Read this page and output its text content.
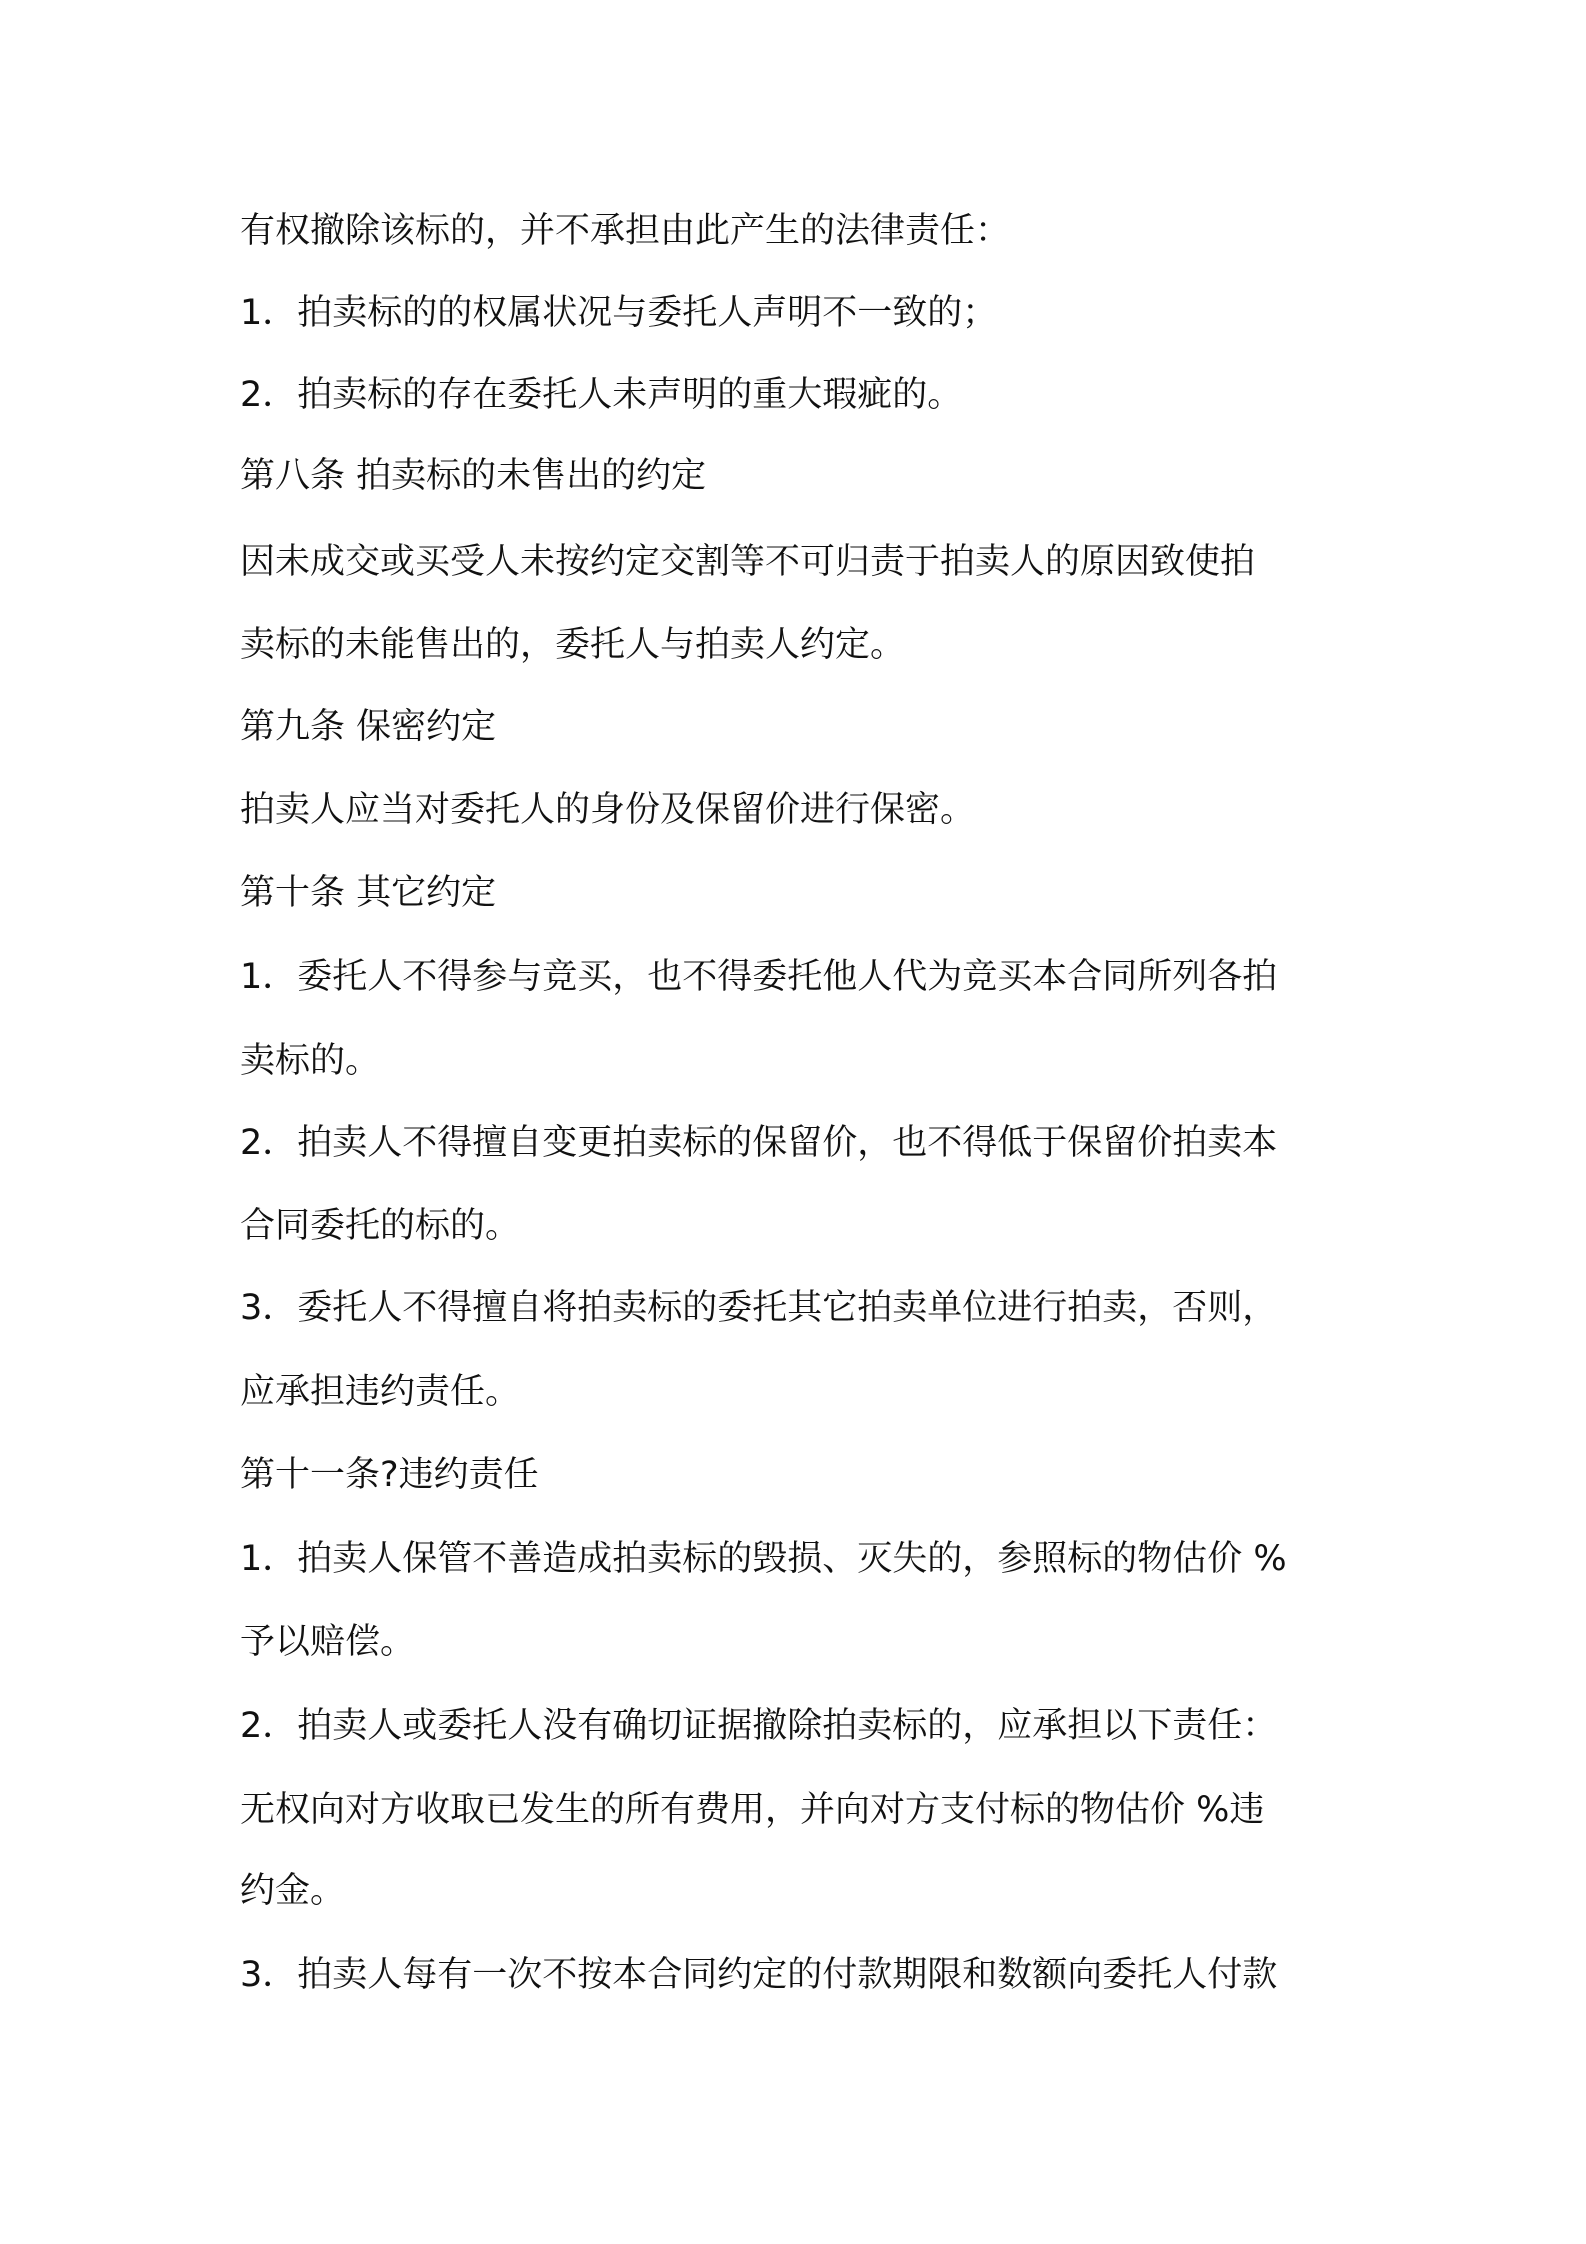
有权撤除该标的，并不承担由此产生的法律责任：

1．拍卖标的的权属状况与委托人声明不一致的；

2．拍卖标的存在委托人未声明的重大瑕疵的。

第八条 拍卖标的未售出的约定

因未成交或买受人未按约定交割等不可归责于拍卖人的原因致使拍

卖标的未能售出的，委托人与拍卖人约定。

第九条 保密约定

拍卖人应当对委托人的身份及保留价进行保密。

第十条 其它约定

1．委托人不得参与竞买，也不得委托他人代为竞买本合同所列各拍

卖标的。

2．拍卖人不得擅自变更拍卖标的保留价，也不得低于保留价拍卖本

合同委托的标的。

3．委托人不得擅自将拍卖标的委托其它拍卖单位进行拍卖，否则，

应承担违约责任。

第十一条?违约责任

1．拍卖人保管不善造成拍卖标的毁损、灭失的，参照标的物估价 %

予以赔偿。

2．拍卖人或委托人没有确切证据撤除拍卖标的，应承担以下责任：

无权向对方收取已发生的所有费用，并向对方支付标的物估价 %违

约金。

3．拍卖人每有一次不按本合同约定的付款期限和数额向委托人付款
